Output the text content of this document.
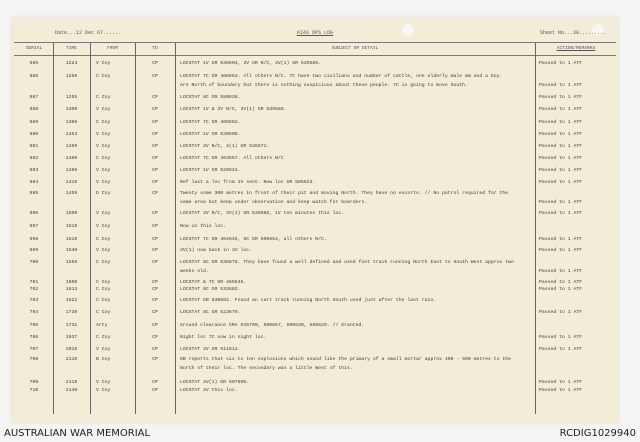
Date...12 Dec 67......	KIAS OPS LOG	Sheet No...38.........
SERIAL	TIME	FROM	TO	SUBJECT OR DETAIL	ACTION/REMARKS
685	1224	V Coy	CP	LOCSTAT 1V GR 536604, 3V GR N/C, 3V(1) GR 539585.	Passed to 1 ATF
686	1250	C Coy	CP	LOCSTAT 7C GR 466663. All others N/C. 7C have two civilians and number of cattle, one elderly male mm and a boy.
Are North of boundary but there is nothing suspicious about these people. 7C is going to move South.	Passed to 1 ATF
687	1255	C Coy	CP	LOCSTAT 8C GR 580636.	Passed to 1 ATF
688	1300	V Coy	CP	LOCSTAT 1V & 3V N/C, 3V(1) GR 539588.	Passed to 1 ATF
689	1306	C Coy	CP	LOCSTAT 7C GR 465662.	Passed to 1 ATF
690	1353	V Coy	CP	LOCSTAT 1V GR 530608.	Passed to 1 ATF
691	1359	V Coy	CP	LOCSTAT 3V N/C, 3(1) GR 536571.	Passed to 1 ATF
692	1400	C Coy	CP	LOCSTAT 7C GR 463657. All others N/C	Passed to 1 ATF
693	1406	V Coy	CP	LOCSTAT 1V GR 529624.	Passed to 1 ATF
694	1416	V Coy	CP	Ref last a loc from 1V sent. New loc GR 585623.	Passed to 1 ATF
695	1459	D Coy	CP	Twenty some 300 metres in front of their pit and moving North. They have no escorts. // No patrol required for the
same area but keep under observation and keep watch for boarders.	Passed to 1 ATF
696	1500	V Coy	CP	LOCSTAT 3V N/C, 3V(1) GR 536588, 1V ten minutes this loc.	Passed to 1 ATF
697	1519	V Coy	CP	Now in this loc.
698	1519	C Coy	CP	LOCSTAT 7C GR 464645, 9C GR 500654, all others N/C.	Passed to 1 ATF
699	1540	V Coy	CP	3V(1) now back in 3V loc.	Passed to 1 ATF
700	1558	C Coy	CP	LOCSTAT 8C GR 536678. They have found a well defined and used foot track running North East to South West approx two
weeks old.	Passed to 1 ATF
701	1600	C Coy	CP	LOCSTAT & 7C GR 465645.	Passed to 1 ATF
702	1613	C Coy	CP	LOCSTAT 8C GR 533682.	Passed to 1 ATF
703	1622	C Coy	CP	LOCSTAT GR 530682. Found an cart track running North South used just after the last rain.
704	1730	C Coy	CP	LOCSTAT 8C GR 523679.	Passed to 1 ATF
705	1731	Arty	CP	Ground clearance GRs 536700, 500667, 500630, 586620. // Granted.
706	1937	C Coy	CP	Night loc 7C now in night loc.	Passed to 1 ATF
707	2016	V Coy	CP	LOCSTAT 3V GR 511612.	Passed to 1 ATF
708	2110	B Coy	CP	6B reports that six to ten explosions which sound like the primary of a small mortar approx 400 - 500 metres to the
North of their loc. The secondary was a little West of this.
709	2119	V Coy	CP	LOCSTAT 3V(1) GR 507606.	Passed to 1 ATF
710	2140	V Coy	CP	LOCSTAT 3V this loc.	Passed to 1 ATF
AUSTRALIAN WAR MEMORIAL	RCDIG1029940
